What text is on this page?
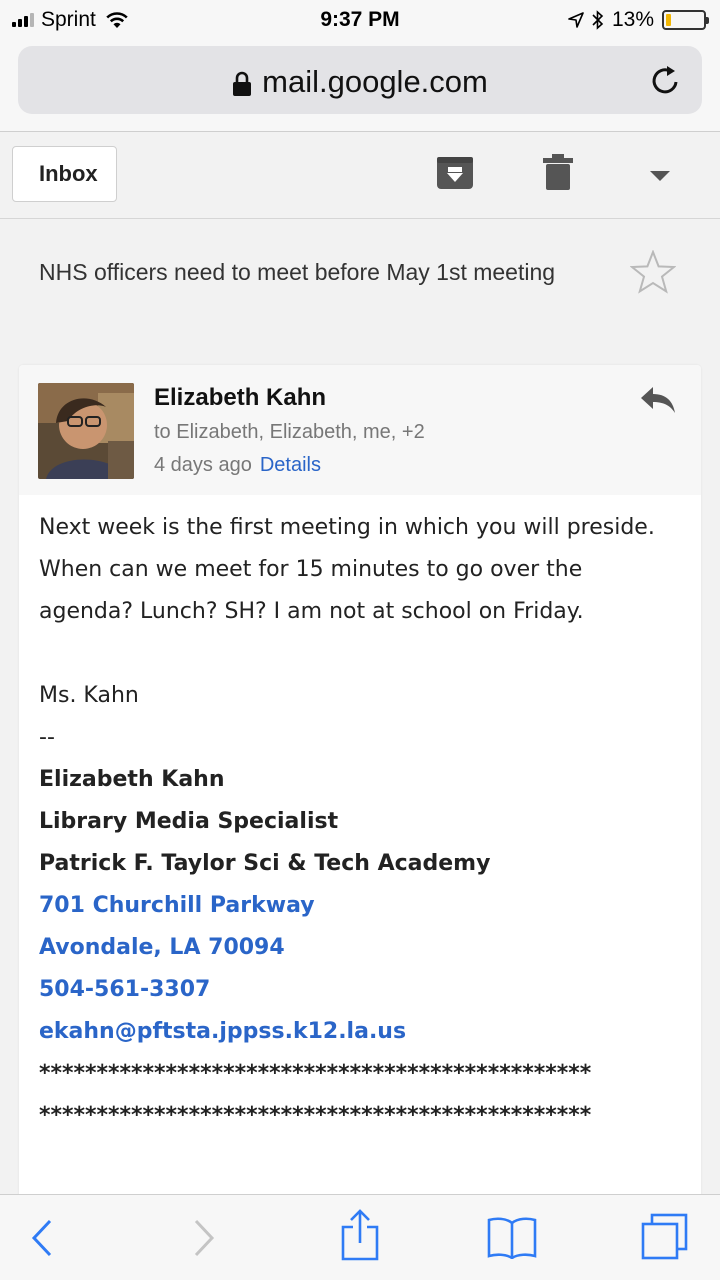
Sprint	9:37 PM	13%
mail.google.com
Inbox
NHS officers need to meet before May 1st meeting
Elizabeth Kahn
to Elizabeth, Elizabeth, me, +2
4 days ago Details

Next week is the first meeting in which you will preside. When can we meet for 15 minutes to go over the agenda? Lunch? SH? I am not at school on Friday.

Ms. Kahn

--

Elizabeth Kahn

Library Media Specialist

Patrick F. Taylor Sci & Tech Academy

701 Churchill Parkway

Avondale, LA 70094

504-561-3307

ekahn@pftsta.jppss.k12.la.us

************************************************

************************************************
